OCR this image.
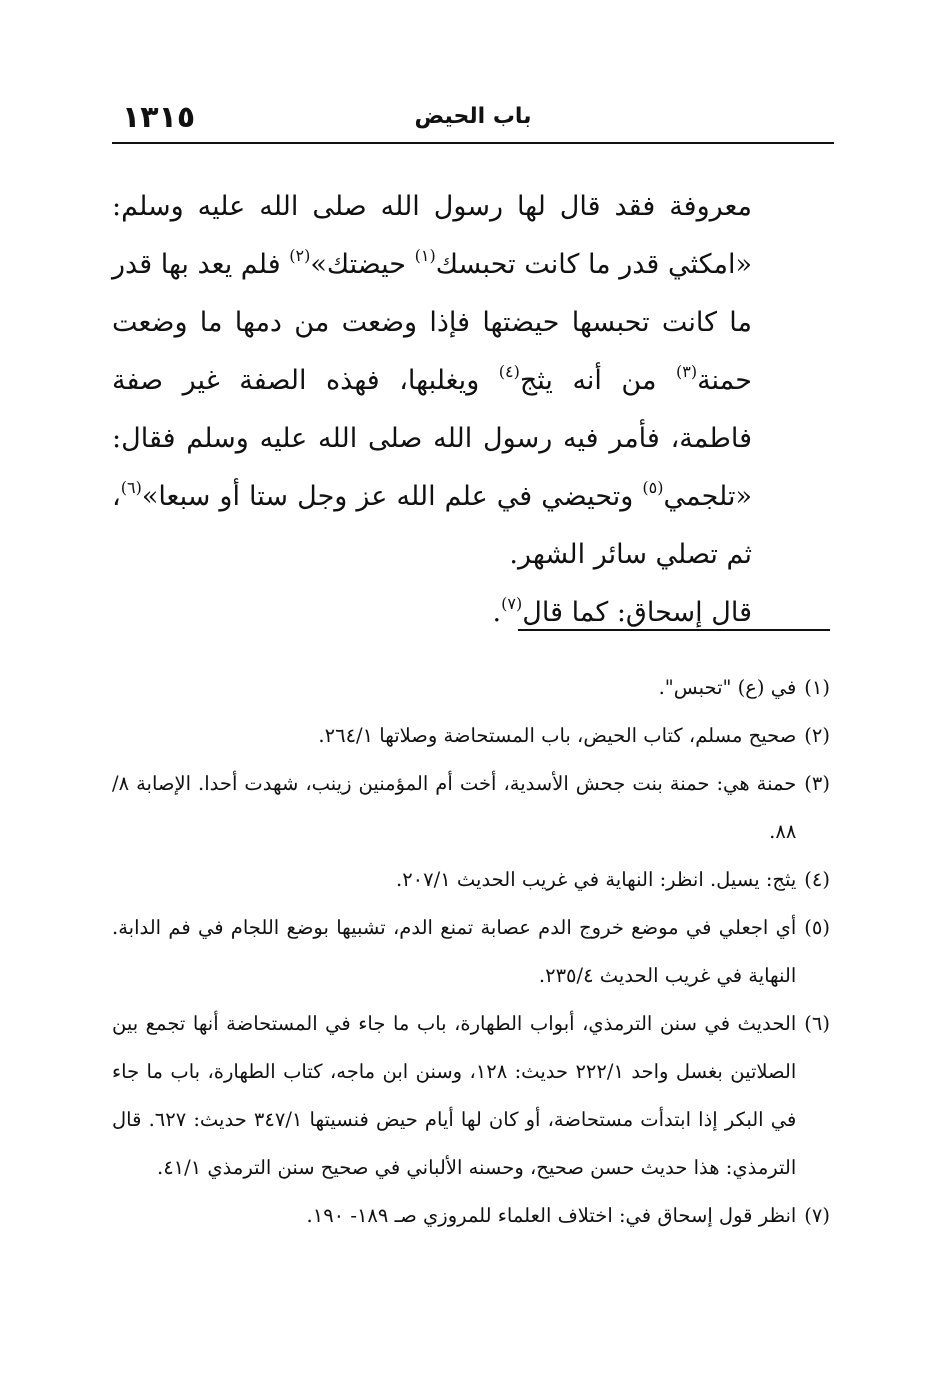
١٣١٥	باب الحيض

معروفة فقد قال لها رسول الله صلى الله عليه وسلم: «امكثي قدر ما كانت تحبسك$^{(١)}$ حيضتك»$^{(٢)}$ فلم يعد بها قدر ما كانت تحبسها حيضتها فإذا وضعت من دمها ما وضعت حمنة$^{(٣)}$ من أنه يثج$^{(٤)}$ ويغلبها، فهذه الصفة غير صفة فاطمة، فأمر فيه رسول الله صلى الله عليه وسلم فقال: «تلجمي$^{(٥)}$ وتحيضي في علم الله عز وجل ستا أو سبعا»$^{(٦)}$، ثم تصلي سائر الشهر.

قال إسحاق: كما قال$^{(٧)}$.

(١)
في (ع) "تحبس".
(٢)
صحيح مسلم، كتاب الحيض، باب المستحاضة وصلاتها ٢٦٤/١.
(٣)
حمنة هي: حمنة بنت جحش الأسدية، أخت أم المؤمنين زينب، شهدت أحدا. الإصابة ٨/ ٨٨.
(٤)
يثج: يسيل. انظر: النهاية في غريب الحديث ٢٠٧/١.
(٥)
أي اجعلي في موضع خروج الدم عصابة تمنع الدم، تشبيها بوضع اللجام في فم الدابة. النهاية في غريب الحديث ٢٣٥/٤.
(٦)
الحديث في سنن الترمذي، أبواب الطهارة، باب ما جاء في المستحاضة أنها تجمع بين الصلاتين بغسل واحد ٢٢٢/١ حديث: ١٢٨، وسنن ابن ماجه، كتاب الطهارة، باب ما جاء في البكر إذا ابتدأت مستحاضة، أو كان لها أيام حيض فنسيتها ٣٤٧/١ حديث: ٦٢٧. قال الترمذي: هذا حديث حسن صحيح، وحسنه الألباني في صحيح سنن الترمذي ٤١/١.
(٧)
انظر قول إسحاق في: اختلاف العلماء للمروزي صـ ١٨٩- ١٩٠.
